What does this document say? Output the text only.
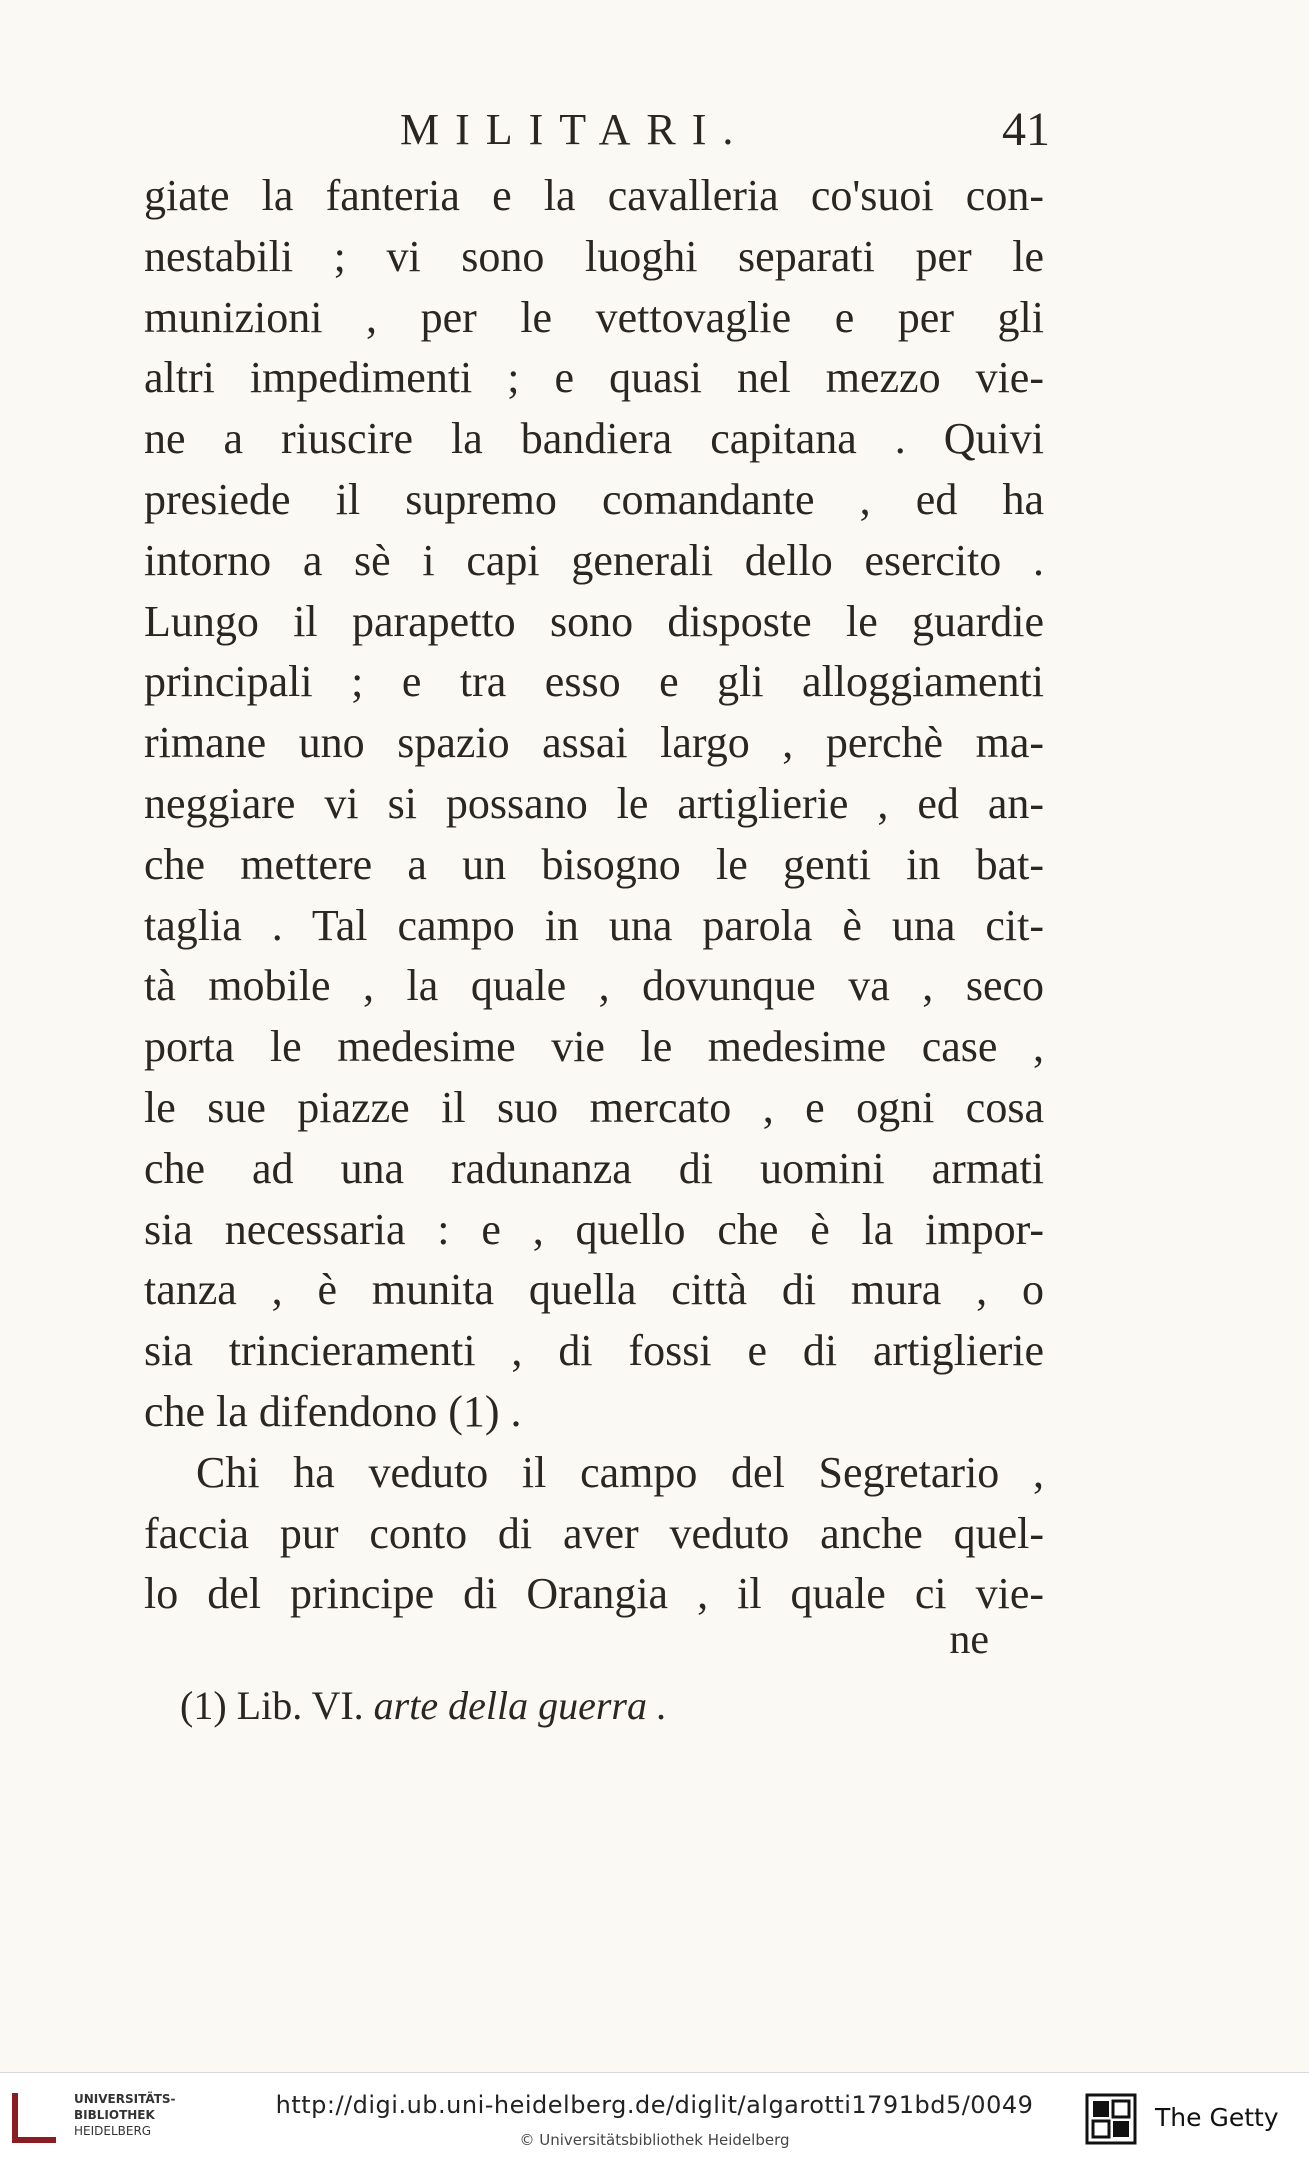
MILITARI.	41
giate la fanteria e la cavalleria co'suoi con-
nestabili ; vi sono luoghi separati per le
munizioni , per le vettovaglie e per gli
altri impedimenti ; e quasi nel mezzo vie-
ne a riuscire la bandiera capitana . Quivi
presiede il supremo comandante , ed ha
intorno a sè i capi generali dello esercito .
Lungo il parapetto sono disposte le guardie
principali ; e tra esso e gli alloggiamenti
rimane uno spazio assai largo , perchè ma-
neggiare vi si possano le artiglierie , ed an-
che mettere a un bisogno le genti in bat-
taglia . Tal campo in una parola è una cit-
tà mobile , la quale , dovunque va , seco
porta le medesime vie le medesime case ,
le sue piazze il suo mercato , e ogni cosa
che ad una radunanza di uomini armati
sia necessaria : e , quello che è la impor-
tanza , è munita quella città di mura , o
sia trincieramenti , di fossi e di artiglierie
che la difendono (1) .
Chi ha veduto il campo del Segretario ,
faccia pur conto di aver veduto anche quel-
lo del principe di Orangia , il quale ci vie-
ne
(1) Lib. VI. arte della guerra .
UNIVERSITÄTS-
BIBLIOTHEK
HEIDELBERG
http://digi.ub.uni-heidelberg.de/diglit/algarotti1791bd5/0049
© Universitätsbibliothek Heidelberg
The Getty
